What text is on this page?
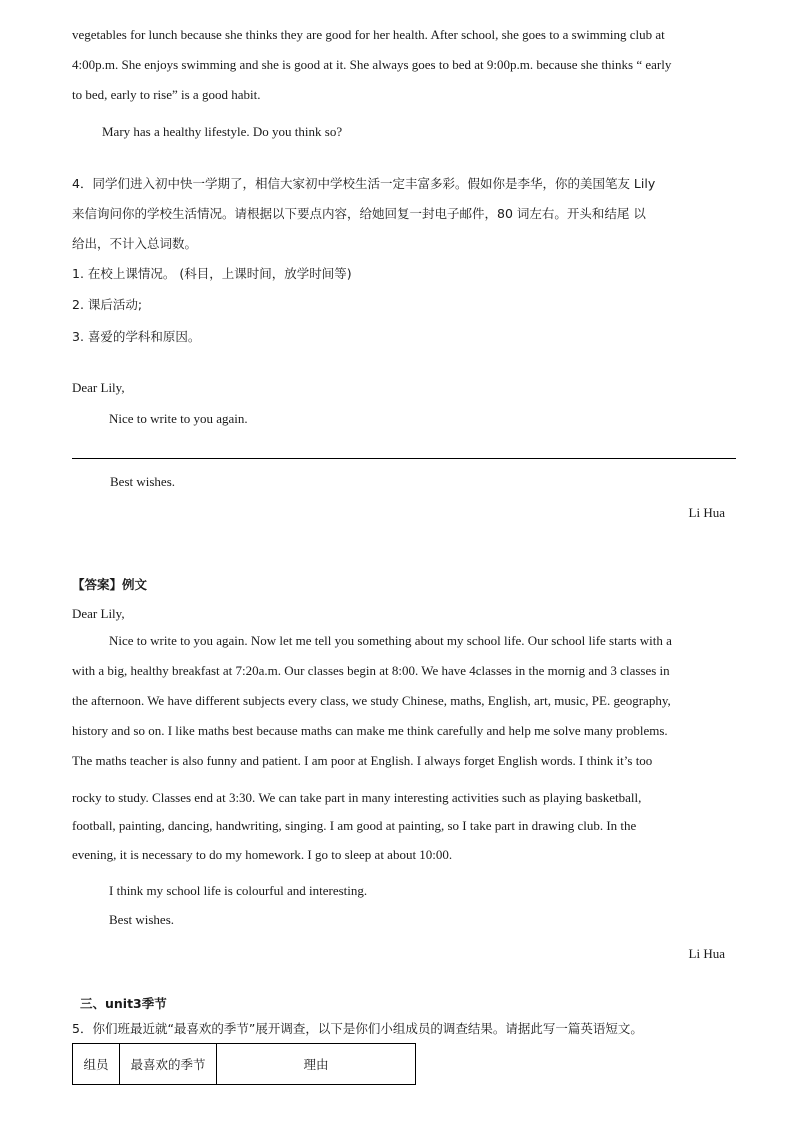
vegetables for lunch because she thinks they are good for her health. After school, she goes to a swimming club at
4:00p.m. She enjoys swimming and she is good at it. She always goes to bed at 9:00p.m. because she thinks “ early
to bed, early to rise” is a good habit.
Mary has a healthy lifestyle. Do you think so?
4．同学们进入初中快一学期了，相信大家初中学校生活一定丰富多彩。假如你是李华，你的美国笔友 Lily
来信询问你的学校生活情况。请根据以下要点内容，给她回复一封电子邮件，80 词左右。开头和结尾 以
给出，不计入总词数。
1. 在校上课情况。 (科目，上课时间，放学时间等)
2. 课后活动;
3. 喜爱的学科和原因。
Dear Lily,
Nice to write to you again.
Best wishes.
Li Hua
【答案】例文
Dear Lily,
Nice to write to you again. Now let me tell you something about my school life. Our school life starts with a
with a big, healthy breakfast at 7:20a.m. Our classes begin at 8:00. We have 4classes in the mornig and 3 classes in
the afternoon. We have different subjects every class, we study Chinese, maths, English, art, music, PE. geography,
history and so on. I like maths best because maths can make me think carefully and help me solve many problems.
The maths teacher is also funny and patient. I am poor at English. I always forget English words. I think it’s too
rocky to study. Classes end at 3:30. We can take part in many interesting activities such as playing basketball,
football, painting, dancing, handwriting, singing. I am good at painting, so I take part in drawing club. In the
evening, it is necessary to do my homework. I go to sleep at about 10:00.
I think my school life is colourful and interesting.
Best wishes.
Li Hua
三、unit3季节
5．你们班最近就“最喜欢的季节”展开调查，以下是你们小组成员的调查结果。请据此写一篇英语短文。
组员	最喜欢的季节	理由
